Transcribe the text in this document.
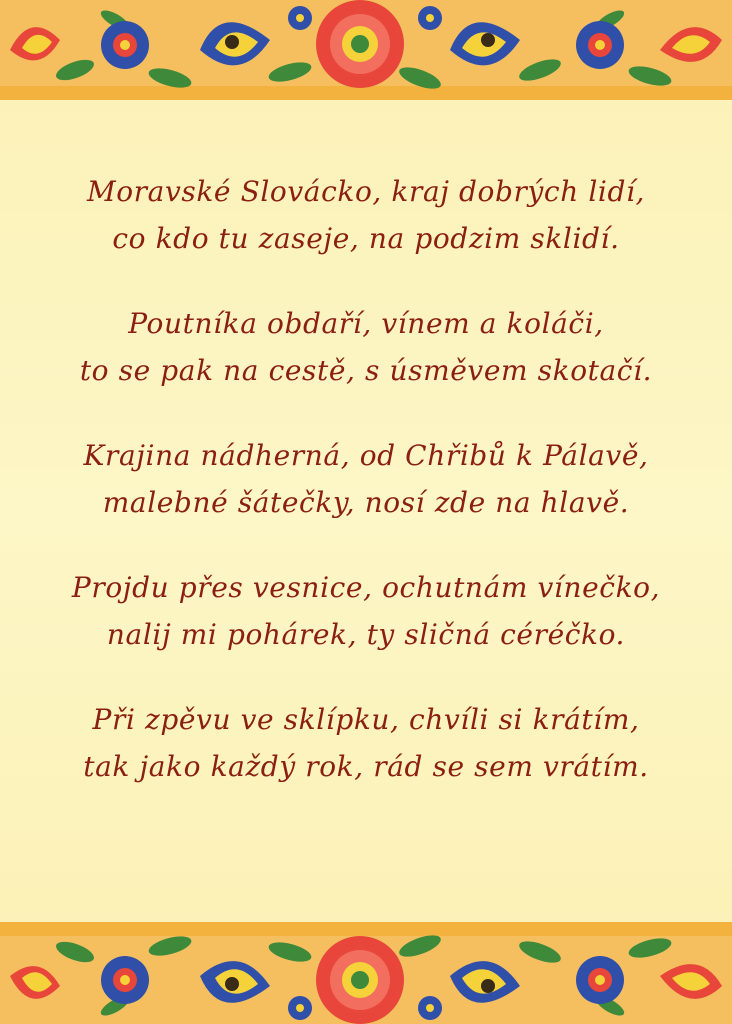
Moravské Slovácko, kraj dobrých lidí,
co kdo tu zaseje, na podzim sklidí.
Poutníka obdaří, vínem a koláči,
to se pak na cestě, s úsměvem skotačí.
Krajina nádherná, od Chřibů k Pálavě,
malebné šátečky, nosí zde na hlavě.
Projdu přes vesnice, ochutnám vínečko,
nalij mi pohárek, ty sličná céréčko.
Při zpěvu ve sklípku, chvíli si krátím,
tak jako každý rok, rád se sem vrátím.
